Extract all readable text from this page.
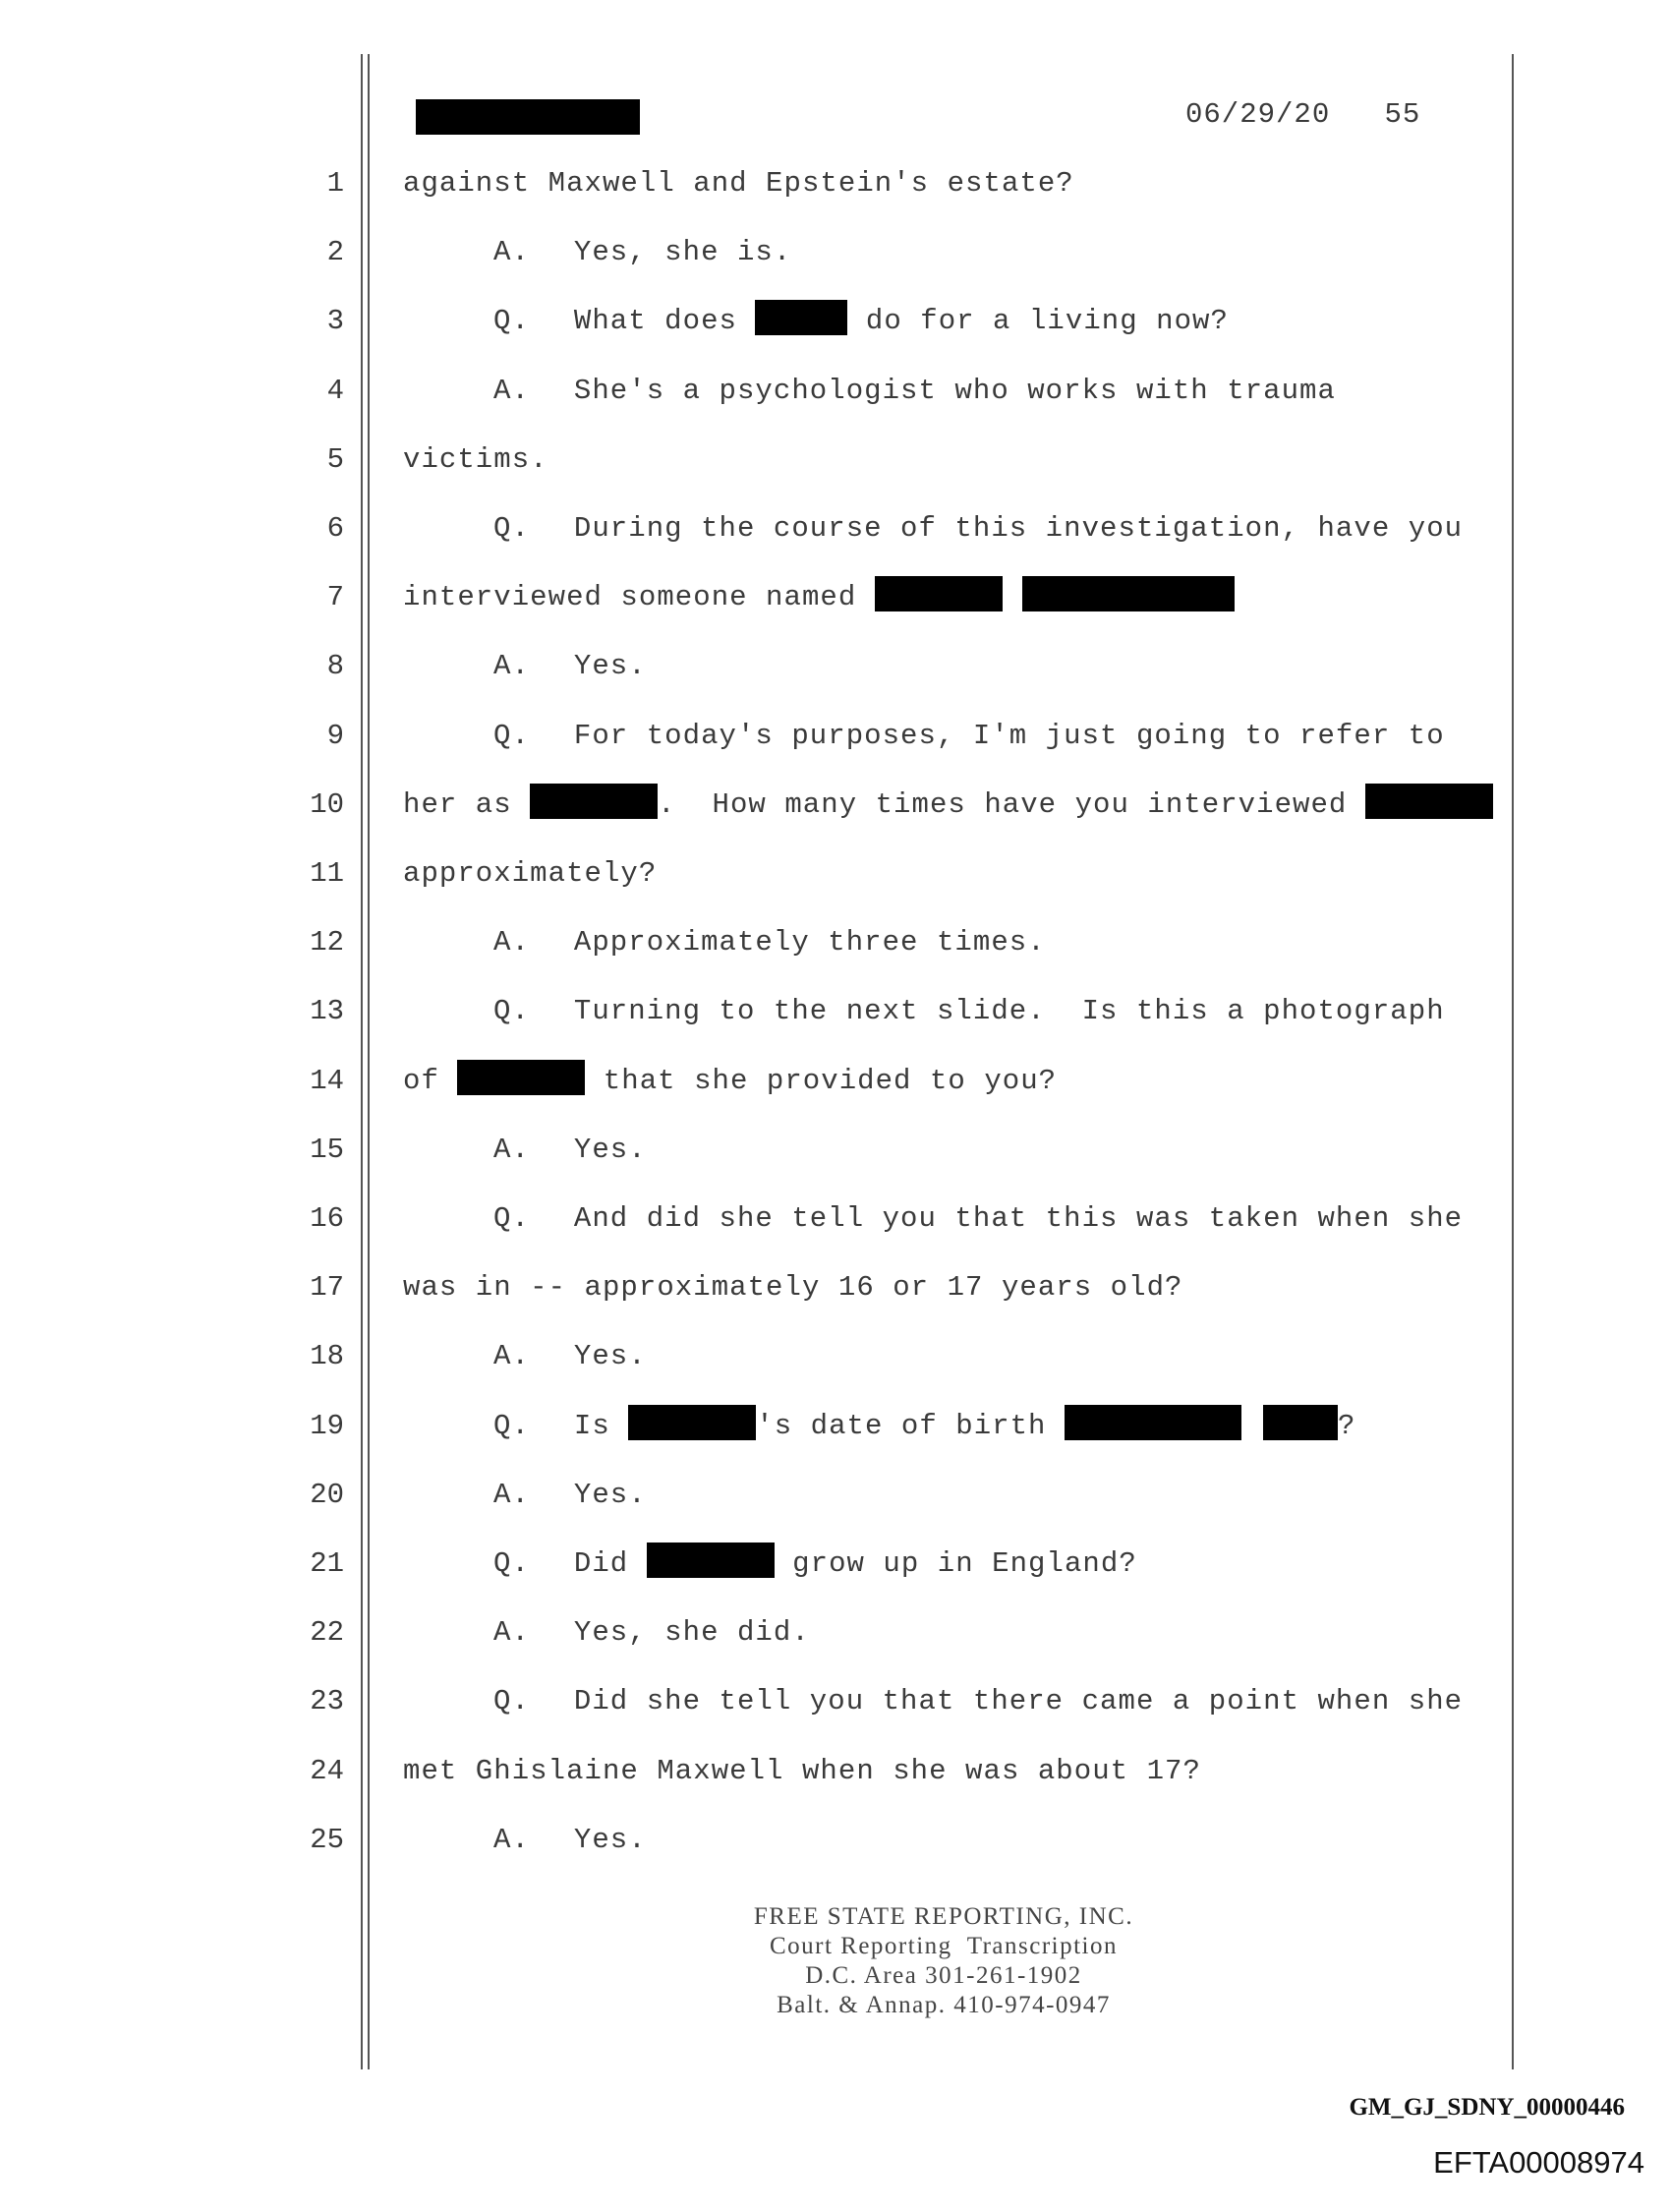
06/29/20 55
1
2
3
4
5
6
7
8
9
10
11
12
13
14
15
16
17
18
19
20
21
22
23
24
25
against Maxwell and Epstein's estate?
A. Yes, she is.
Q. What does	do for a living now?
A. She's a psychologist who works with trauma
victims.
Q. During the course of this investigation, have you
interviewed someone named
A. Yes.
Q. For today's purposes, I'm just going to refer to
her as	.  How many times have you interviewed
approximately?
A. Approximately three times.
Q. Turning to the next slide.  Is this a photograph
of	that she provided to you?
A. Yes.
Q. And did she tell you that this was taken when she
was in -- approximately 16 or 17 years old?
A. Yes.
Q. Is	's date of birth	?
A. Yes.
Q. Did	grow up in England?
A. Yes, she did.
Q. Did she tell you that there came a point when she
met Ghislaine Maxwell when she was about 17?
A. Yes.
FREE STATE REPORTING, INC.
Court Reporting  Transcription
D.C. Area 301-261-1902
Balt. & Annap. 410-974-0947
GM_GJ_SDNY_00000446
EFTA00008974
